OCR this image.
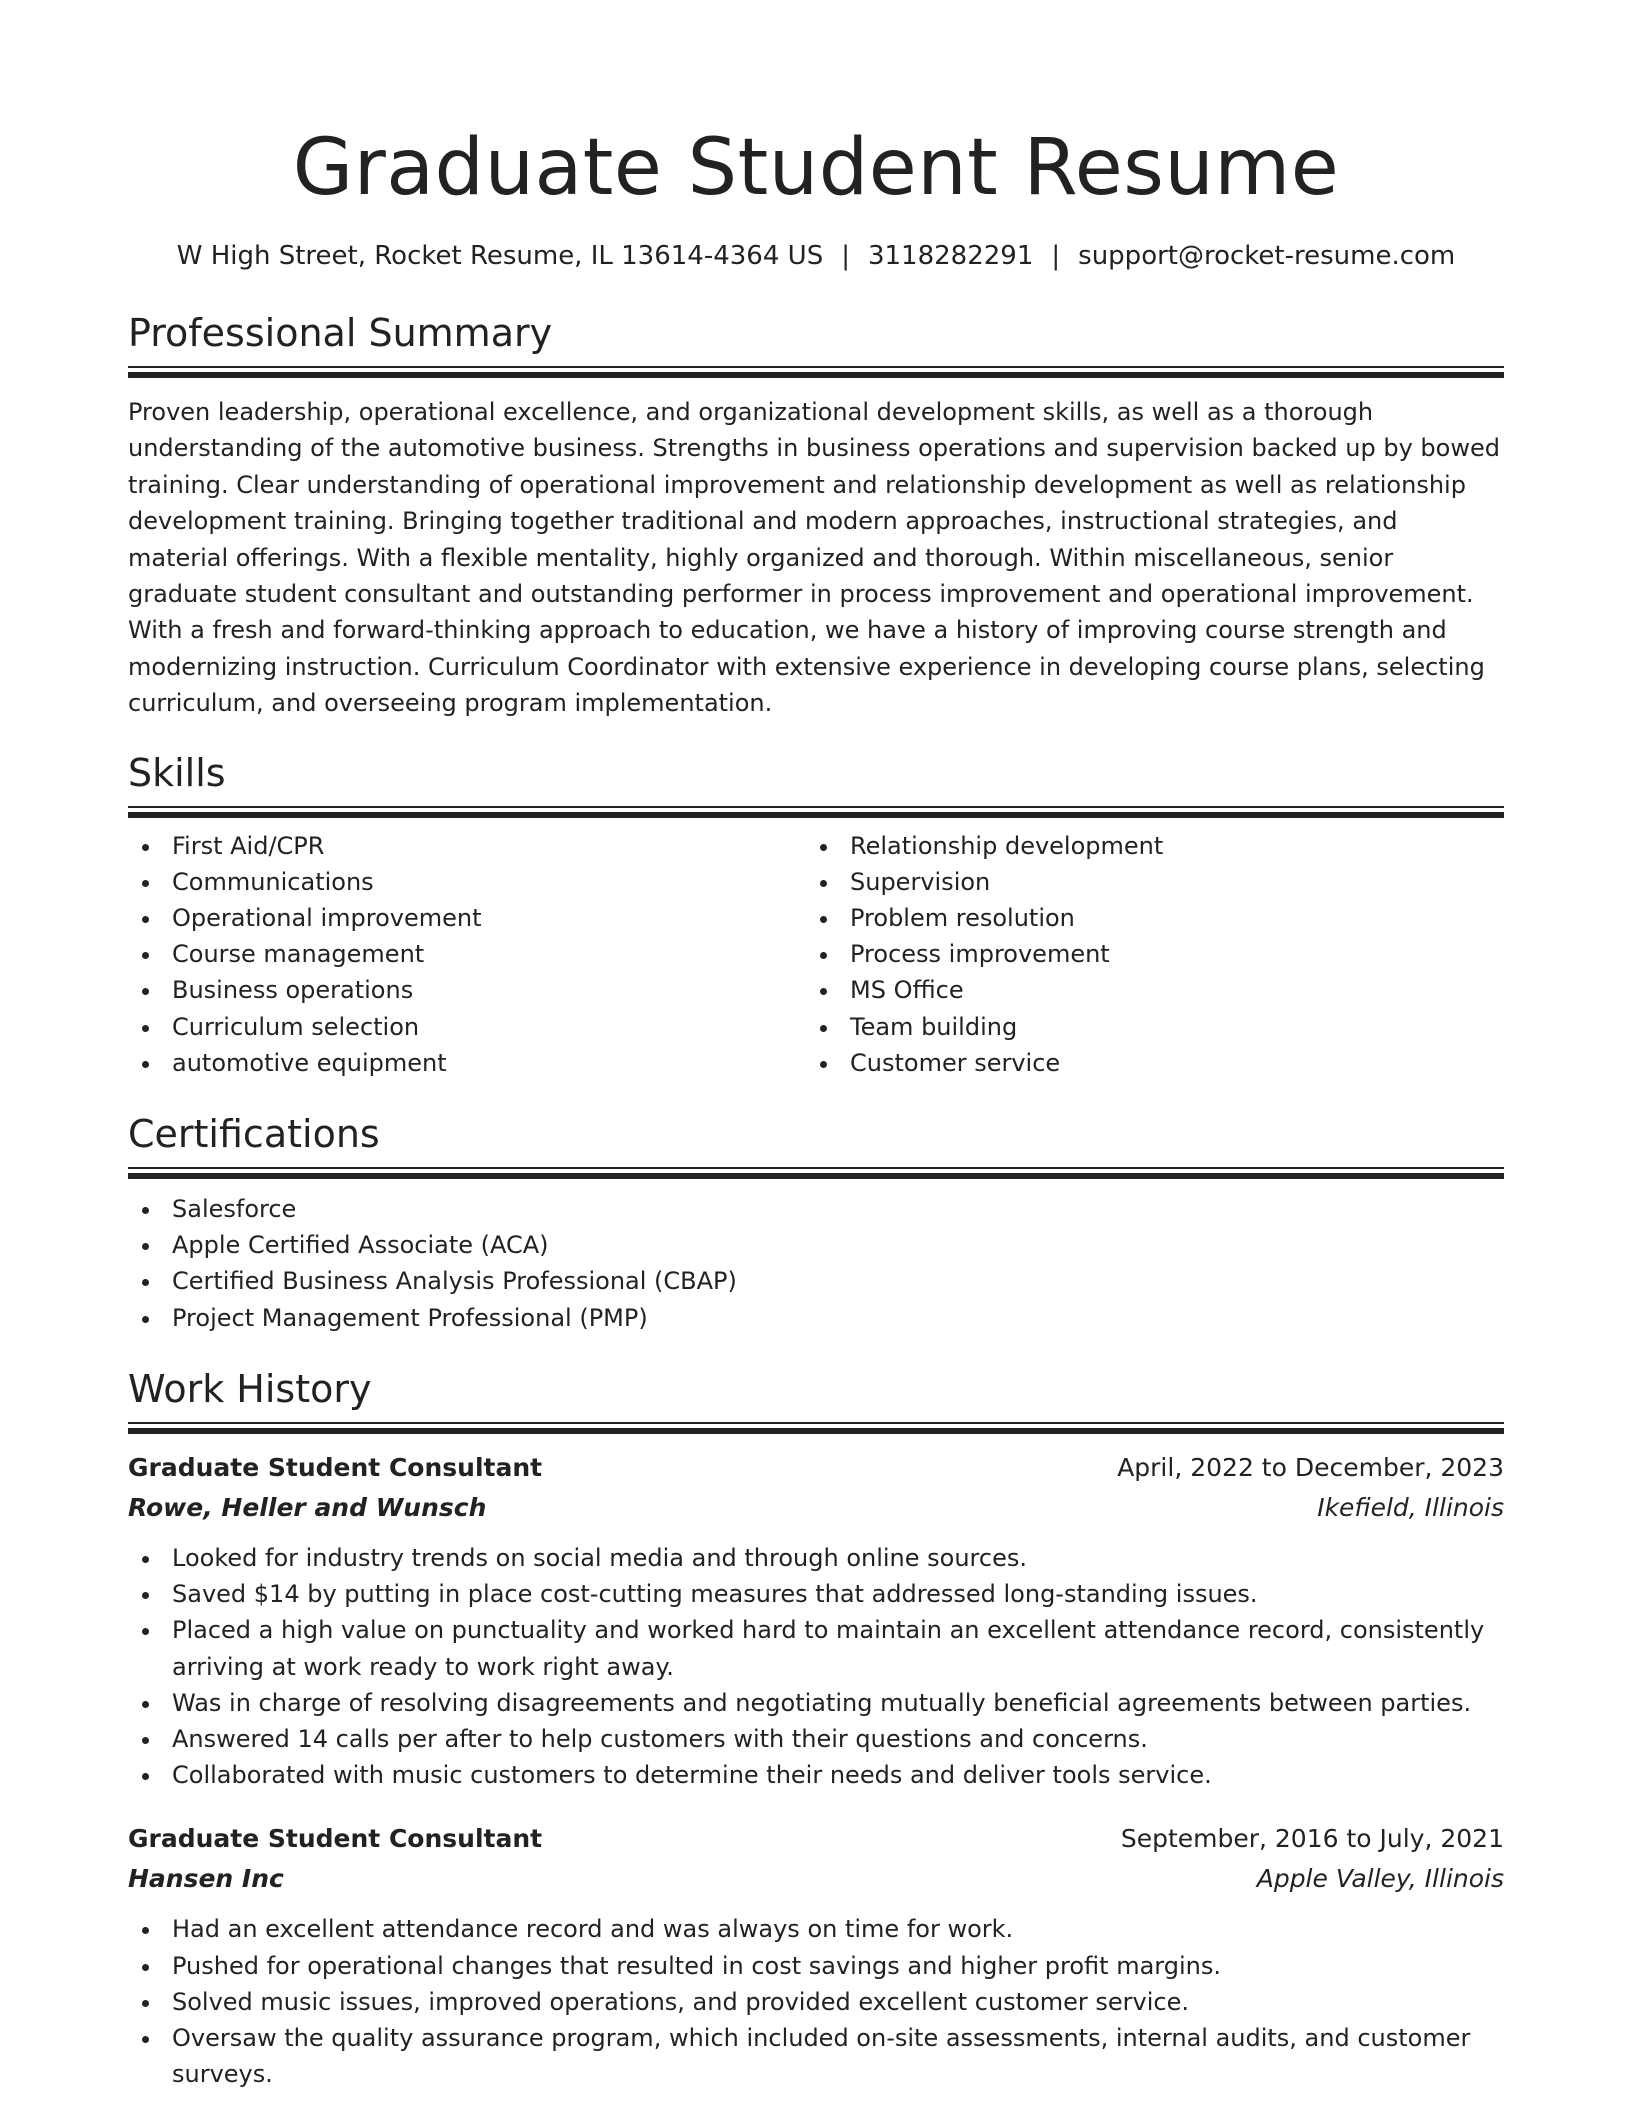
Graduate Student Resume
W High Street, Rocket Resume, IL 13614-4364 US | 3118282291 | support@rocket-resume.com
Professional Summary

Proven leadership, operational excellence, and organizational development skills, as well as a thorough understanding of the automotive business. Strengths in business operations and supervision backed up by bowed training. Clear understanding of operational improvement and relationship development as well as relationship development training. Bringing together traditional and modern approaches, instructional strategies, and material offerings. With a flexible mentality, highly organized and thorough. Within miscellaneous, senior graduate student consultant and outstanding performer in process improvement and operational improvement. With a fresh and forward-thinking approach to education, we have a history of improving course strength and modernizing instruction. Curriculum Coordinator with extensive experience in developing course plans, selecting curriculum, and overseeing program implementation.

Skills
First Aid/CPR
Communications
Operational improvement
Course management
Business operations
Curriculum selection
automotive equipment
Relationship development
Supervision
Problem resolution
Process improvement
MS Office
Team building
Customer service
Certifications
Salesforce
Apple Certified Associate (ACA)
Certified Business Analysis Professional (CBAP)
Project Management Professional (PMP)
Work History
Graduate Student Consultant	April, 2022 to December, 2023
Rowe, Heller and Wunsch	Ikefield, Illinois
Looked for industry trends on social media and through online sources.
Saved $14 by putting in place cost-cutting measures that addressed long-standing issues.
Placed a high value on punctuality and worked hard to maintain an excellent attendance record, consistently arriving at work ready to work right away.
Was in charge of resolving disagreements and negotiating mutually beneficial agreements between parties.
Answered 14 calls per after to help customers with their questions and concerns.
Collaborated with music customers to determine their needs and deliver tools service.
Graduate Student Consultant	September, 2016 to July, 2021
Hansen Inc	Apple Valley, Illinois
Had an excellent attendance record and was always on time for work.
Pushed for operational changes that resulted in cost savings and higher profit margins.
Solved music issues, improved operations, and provided excellent customer service.
Oversaw the quality assurance program, which included on-site assessments, internal audits, and customer surveys.
